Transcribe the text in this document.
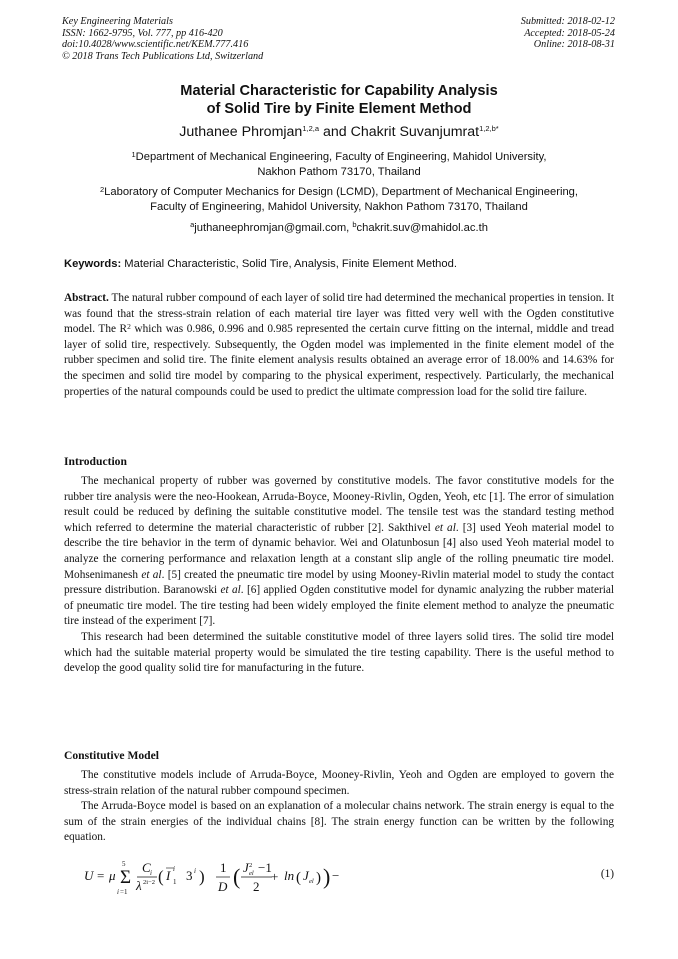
Key Engineering Materials
ISSN: 1662-9795, Vol. 777, pp 416-420
doi:10.4028/www.scientific.net/KEM.777.416
© 2018 Trans Tech Publications Ltd, Switzerland
Submitted: 2018-02-12
Accepted: 2018-05-24
Online: 2018-08-31
Material Characteristic for Capability Analysis
of Solid Tire by Finite Element Method
Juthanee Phromjan$^{1,2,a}$ and Chakrit Suvanjumrat$^{1,2,b*}$
$^1$Department of Mechanical Engineering, Faculty of Engineering, Mahidol University,
Nakhon Pathom 73170, Thailand
$^2$Laboratory of Computer Mechanics for Design (LCMD), Department of Mechanical Engineering,
Faculty of Engineering, Mahidol University, Nakhon Pathom 73170, Thailand
$^a$juthaneephromjan@gmail.com, $^b$chakrit.suv@mahidol.ac.th
Keywords: Material Characteristic, Solid Tire, Analysis, Finite Element Method.

Abstract. The natural rubber compound of each layer of solid tire had determined the mechanical properties in tension. It was found that the stress-strain relation of each material tire layer was fitted very well with the Ogden constitutive model. The $R^2$ which was 0.986, 0.996 and 0.985 represented the certain curve fitting on the internal, middle and tread layer of solid tire, respectively. Subsequently, the Ogden model was implemented in the finite element model of the rubber specimen and solid tire. The finite element analysis results obtained an average error of 18.00% and 14.63% for the specimen and solid tire model by comparing to the physical experiment, respectively. Particularly, the mechanical properties of the natural compounds could be used to predict the ultimate compression load for the solid tire failure.

Introduction

The mechanical property of rubber was governed by constitutive models. The favor constitutive models for the rubber tire analysis were the neo-Hookean, Arruda-Boyce, Mooney-Rivlin, Ogden, Yeoh, etc [1]. The error of simulation result could be reduced by defining the suitable constitutive model. The tensile test was the standard testing method which referred to determine the material characteristic of rubber [2]. Sakthivel et al. [3] used Yeoh material model to describe the tire behavior in the term of dynamic behavior. Wei and Olatunbosun [4] also used Yeoh material model to analyze the cornering performance and relaxation length at a constant slip angle of the rolling pneumatic tire model. Mohsenimanesh et al. [5] created the pneumatic tire model by using Mooney-Rivlin material model to study the contact pressure distribution. Baranowski et al. [6] applied Ogden constitutive model for dynamic analyzing the rubber material of pneumatic tire model. The tire testing had been widely employed the finite element method to analyze the pneumatic tire instead of the experiment [7].

This research had been determined the suitable constitutive model of three layers solid tires. The solid tire model which had the suitable material property would be simulated the tire testing capability. There is the useful method to develop the good quality solid tire for manufacturing in the future.

Constitutive Model

The constitutive models include of Arruda-Boyce, Mooney-Rivlin, Yeoh and Ogden are employed to govern the stress-strain relation of the natural rubber compound specimen.

The Arruda-Boyce model is based on an explanation of a molecular chains network. The strain energy is equal to the sum of the strain energies of the individual chains [8]. The strain energy function can be written by the following equation.

U = μ Σ
5
i =1
C i
λ 2i−2 ( I 1
i 3 i ) 1
D ( J 2
el −1
2
+ ln ( J el ) ) −	(1)
